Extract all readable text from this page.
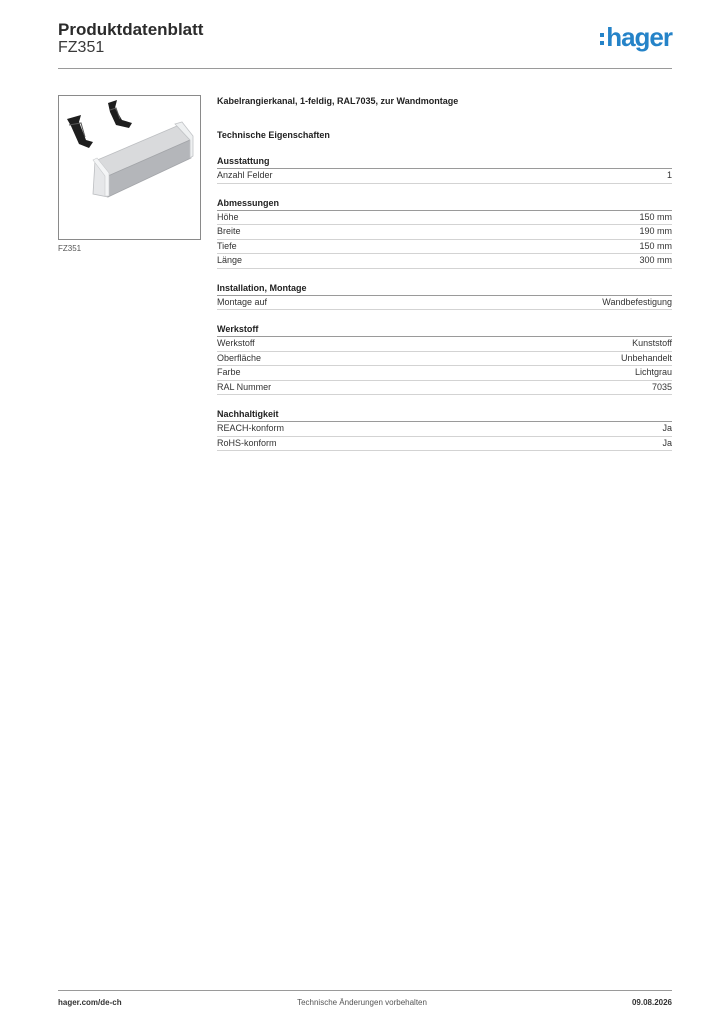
Produktdatenblatt
FZ351	hager
FZ351
Kabelrangierkanal, 1-feldig, RAL7035, zur Wandmontage
Technische Eigenschaften
Ausstattung
Anzahl Felder	1
Abmessungen
Höhe	150 mm
Breite	190 mm
Tiefe	150 mm
Länge	300 mm
Installation, Montage
Montage auf	Wandbefestigung
Werkstoff
Werkstoff	Kunststoff
Oberfläche	Unbehandelt
Farbe	Lichtgrau
RAL Nummer	7035
Nachhaltigkeit
REACH-konform	Ja
RoHS-konform	Ja
hager.com/de-ch	Technische Änderungen vorbehalten	09.08.2026
